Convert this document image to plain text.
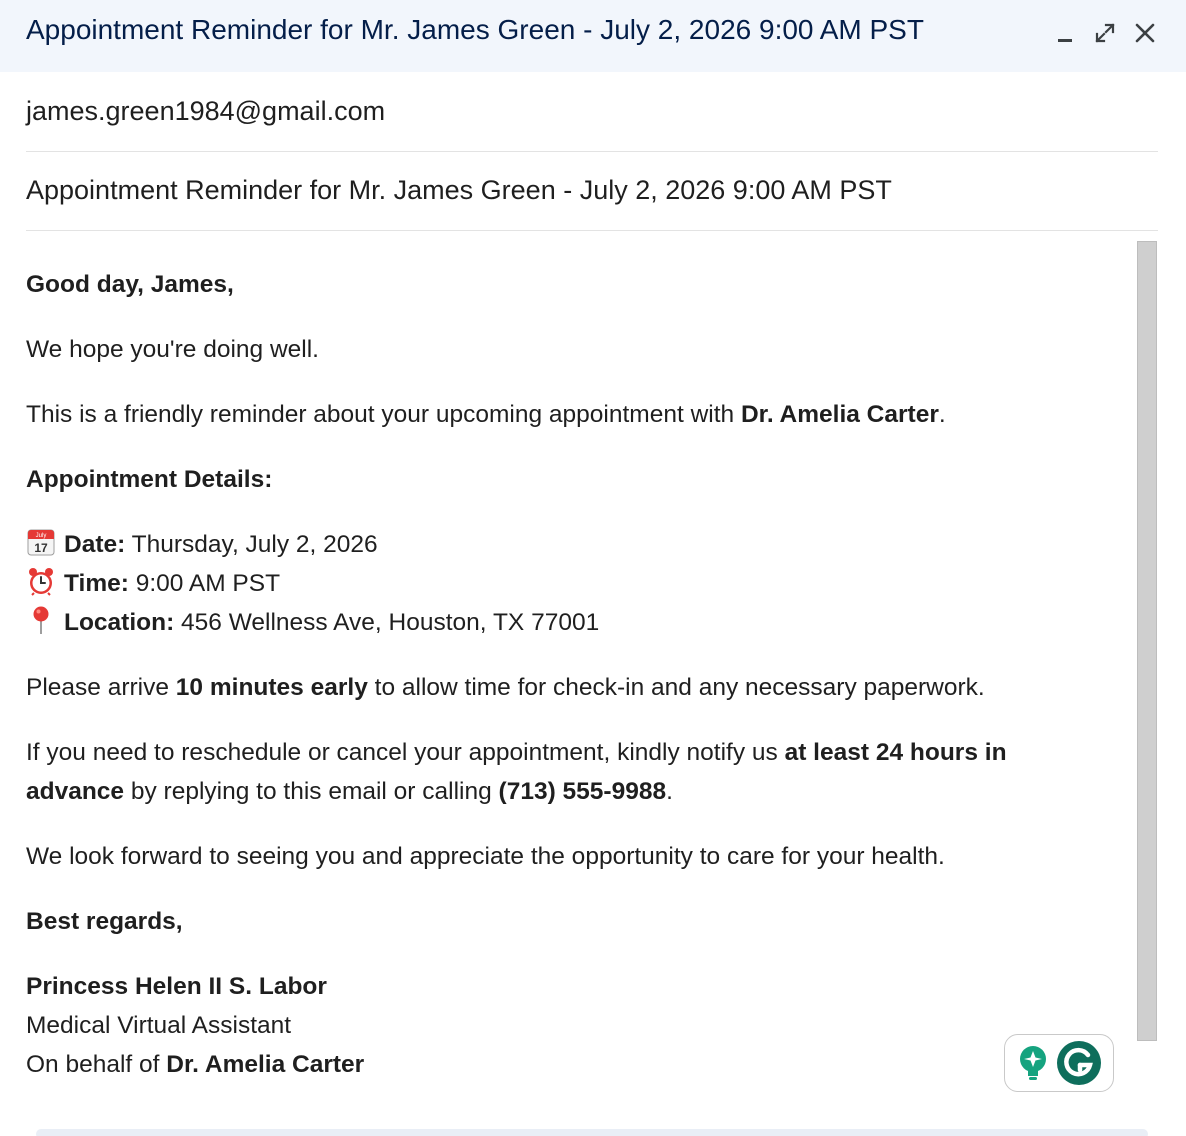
Appointment Reminder for Mr. James Green - July 2, 2026 9:00 AM PST
james.green1984@gmail.com
Appointment Reminder for Mr. James Green - July 2, 2026 9:00 AM PST
Good day, James,
We hope you're doing well.
This is a friendly reminder about your upcoming appointment with Dr. Amelia Carter.
Appointment Details:
July
17 Date: Thursday, July 2, 2026
Time: 9:00 AM PST
Location: 456 Wellness Ave, Houston, TX 77001
Please arrive 10 minutes early to allow time for check-in and any necessary paperwork.
If you need to reschedule or cancel your appointment, kindly notify us at least 24 hours in advance by replying to this email or calling (713) 555-9988.
We look forward to seeing you and appreciate the opportunity to care for your health.
Best regards,
Princess Helen II S. Labor
Medical Virtual Assistant
On behalf of Dr. Amelia Carter
